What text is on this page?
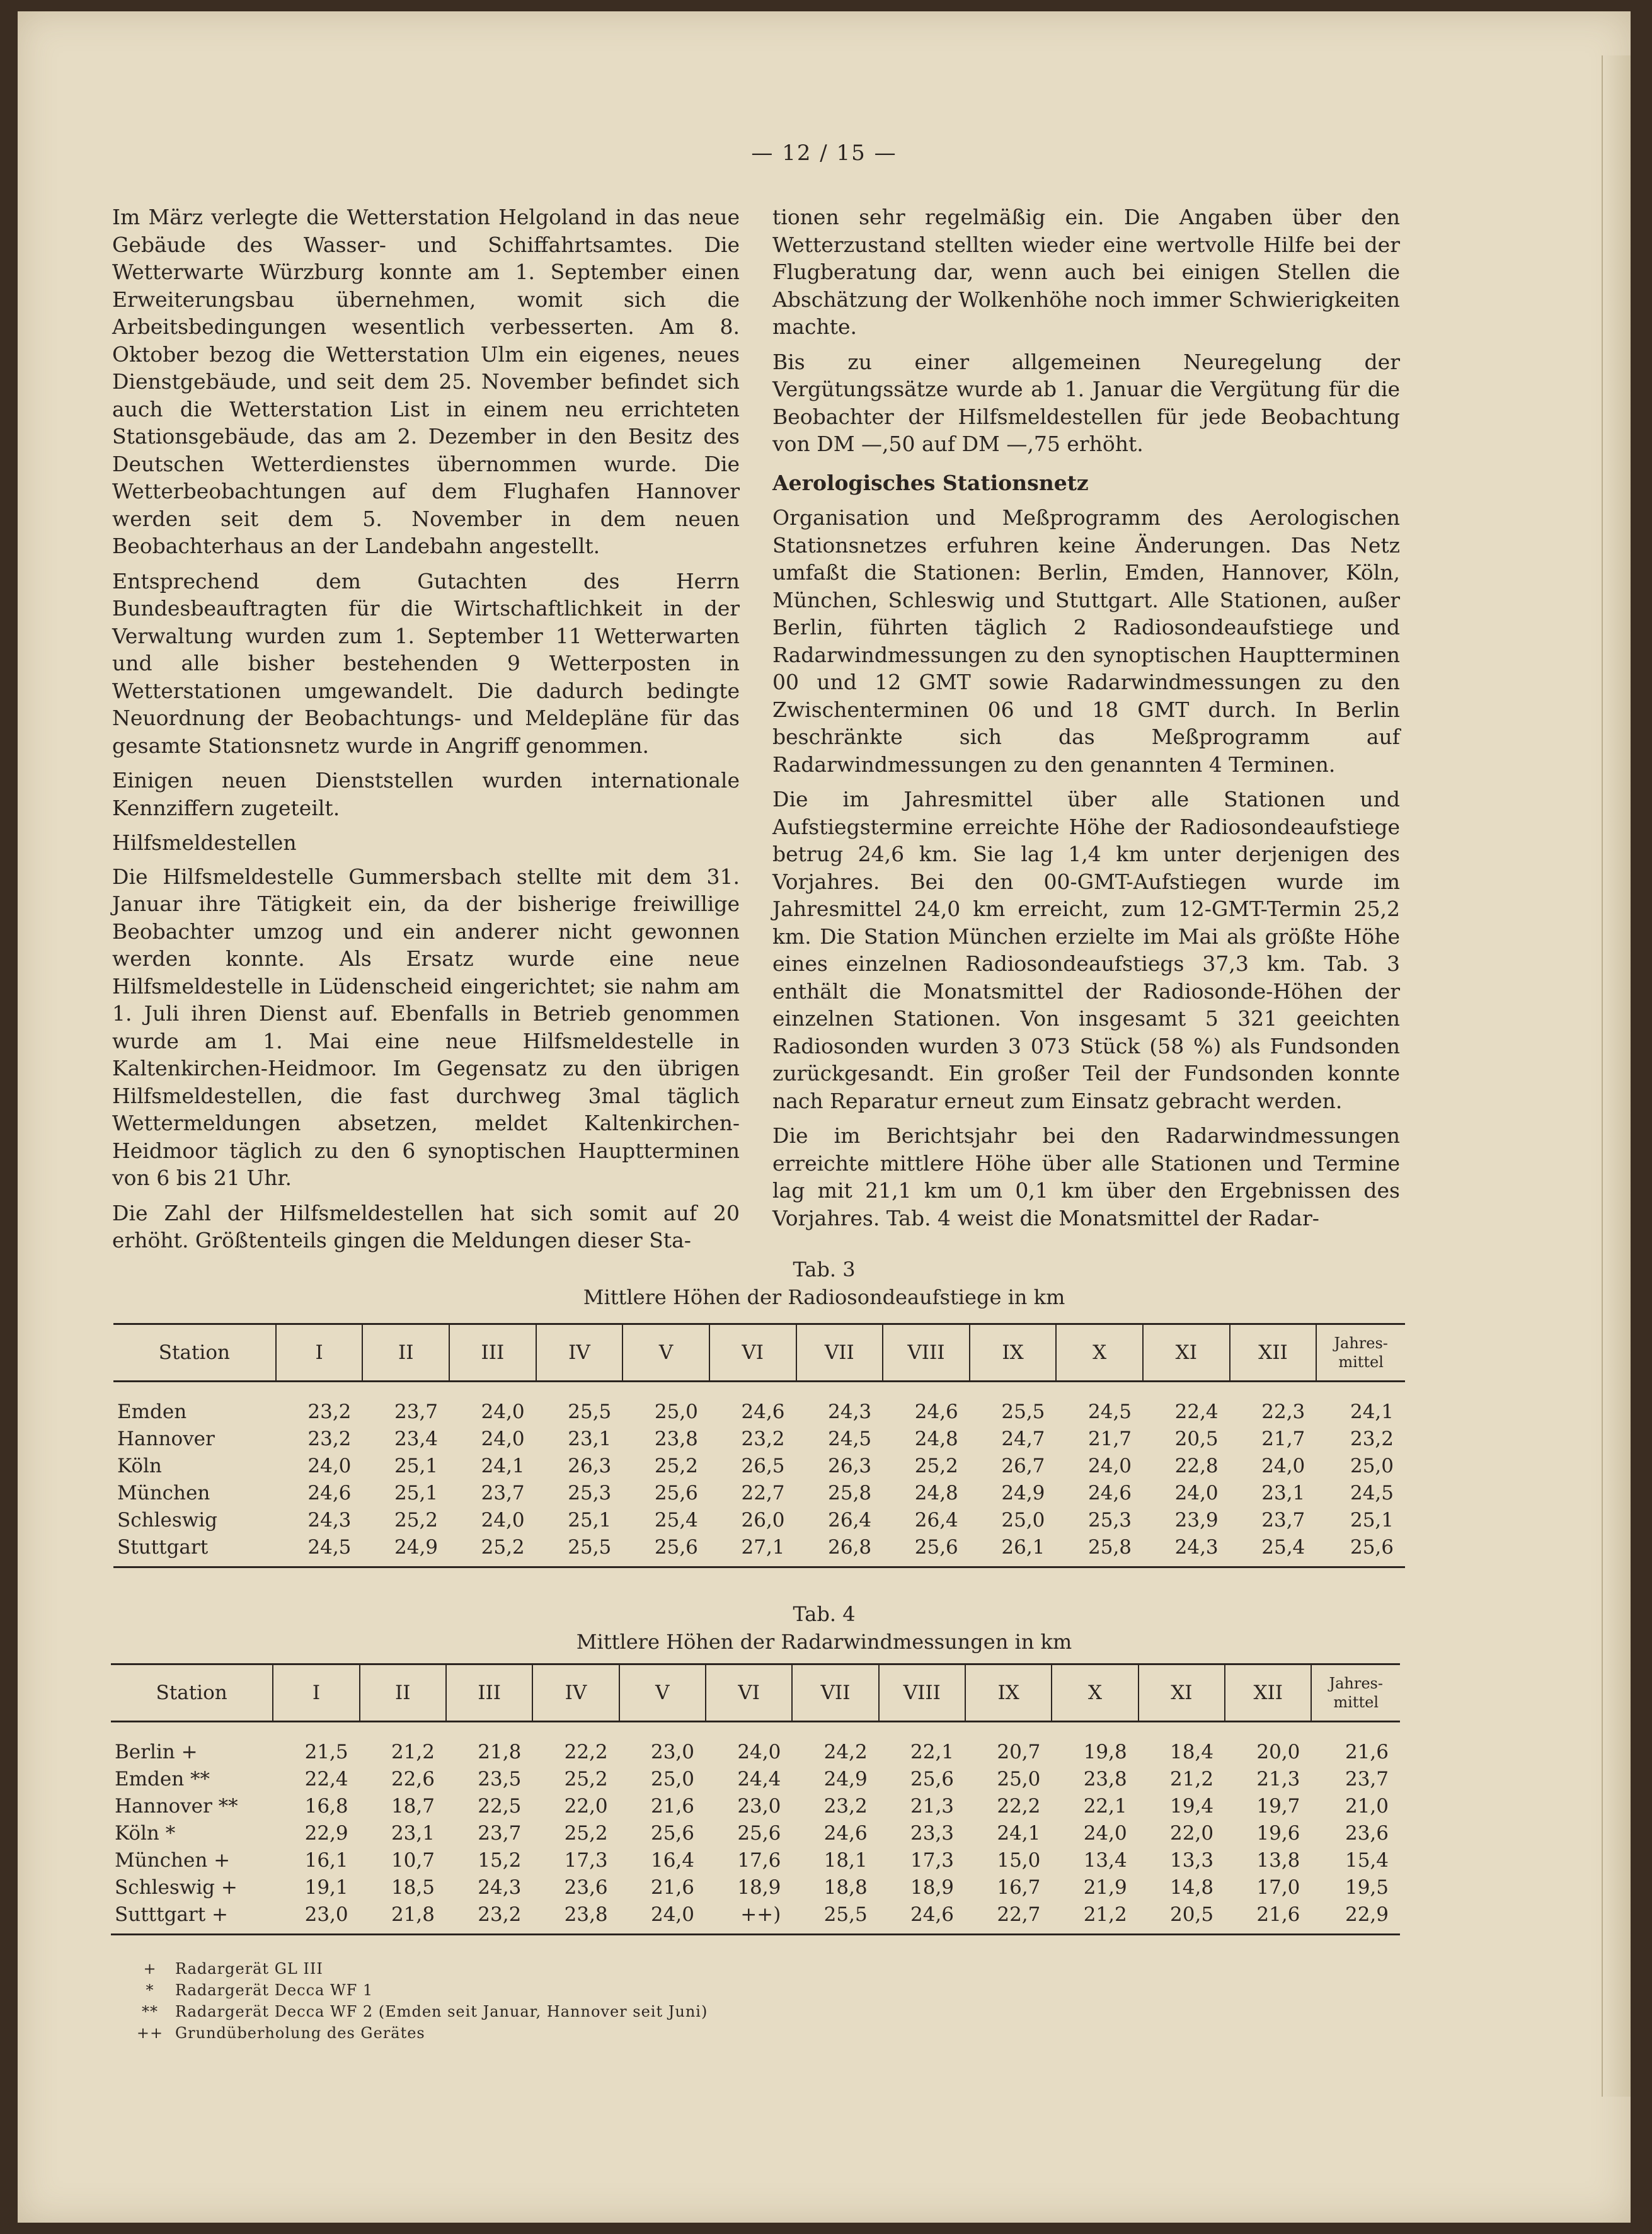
— 12 / 15 —

Im März verlegte die Wetterstation Helgoland in das neue Gebäude des Wasser- und Schiffahrtsamtes. Die Wetterwarte Würzburg konnte am 1. September einen Erweiterungsbau übernehmen, womit sich die Arbeitsbedingungen wesentlich verbesserten. Am 8. Oktober bezog die Wetterstation Ulm ein eigenes, neues Dienstgebäude, und seit dem 25. November befindet sich auch die Wetterstation List in einem neu errichteten Stationsgebäude, das am 2. Dezember in den Besitz des Deutschen Wetterdienstes übernommen wurde. Die Wetterbeobachtungen auf dem Flughafen Hannover werden seit dem 5. November in dem neuen Beobachterhaus an der Landebahn angestellt.

Entsprechend dem Gutachten des Herrn Bundesbeauftragten für die Wirtschaftlichkeit in der Verwaltung wurden zum 1. September 11 Wetterwarten und alle bisher bestehenden 9 Wetterposten in Wetterstationen umgewandelt. Die dadurch bedingte Neuordnung der Beobachtungs- und Meldepläne für das gesamte Stationsnetz wurde in Angriff genommen.

Einigen neuen Dienststellen wurden internationale Kennziffern zugeteilt.

Hilfsmeldestellen

Die Hilfsmeldestelle Gummersbach stellte mit dem 31. Januar ihre Tätigkeit ein, da der bisherige freiwillige Beobachter umzog und ein anderer nicht gewonnen werden konnte. Als Ersatz wurde eine neue Hilfsmeldestelle in Lüdenscheid eingerichtet; sie nahm am 1. Juli ihren Dienst auf. Ebenfalls in Betrieb genommen wurde am 1. Mai eine neue Hilfsmeldestelle in Kaltenkirchen-Heidmoor. Im Gegensatz zu den übrigen Hilfsmeldestellen, die fast durchweg 3mal täglich Wettermeldungen absetzen, meldet Kaltenkirchen-Heidmoor täglich zu den 6 synoptischen Hauptterminen von 6 bis 21 Uhr.

Die Zahl der Hilfsmeldestellen hat sich somit auf 20 erhöht. Größtenteils gingen die Meldungen dieser Sta-

tionen sehr regelmäßig ein. Die Angaben über den Wetterzustand stellten wieder eine wertvolle Hilfe bei der Flugberatung dar, wenn auch bei einigen Stellen die Abschätzung der Wolkenhöhe noch immer Schwierigkeiten machte.

Bis zu einer allgemeinen Neuregelung der Vergütungssätze wurde ab 1. Januar die Vergütung für die Beobachter der Hilfsmeldestellen für jede Beobachtung von DM —,50 auf DM —,75 erhöht.

Aerologisches Stationsnetz

Organisation und Meßprogramm des Aerologischen Stationsnetzes erfuhren keine Änderungen. Das Netz umfaßt die Stationen: Berlin, Emden, Hannover, Köln, München, Schleswig und Stuttgart. Alle Stationen, außer Berlin, führten täglich 2 Radiosondeaufstiege und Radarwindmessungen zu den synoptischen Hauptterminen 00 und 12 GMT sowie Radarwindmessungen zu den Zwischenterminen 06 und 18 GMT durch. In Berlin beschränkte sich das Meßprogramm auf Radarwindmessungen zu den genannten 4 Terminen.

Die im Jahresmittel über alle Stationen und Aufstiegstermine erreichte Höhe der Radiosondeaufstiege betrug 24,6 km. Sie lag 1,4 km unter derjenigen des Vorjahres. Bei den 00-GMT-Aufstiegen wurde im Jahresmittel 24,0 km erreicht, zum 12-GMT-Termin 25,2 km. Die Station München erzielte im Mai als größte Höhe eines einzelnen Radiosondeaufstiegs 37,3 km. Tab. 3 enthält die Monatsmittel der Radiosonde-Höhen der einzelnen Stationen. Von insgesamt 5 321 geeichten Radiosonden wurden 3 073 Stück (58 %) als Fundsonden zurückgesandt. Ein großer Teil der Fundsonden konnte nach Reparatur erneut zum Einsatz gebracht werden.

Die im Berichtsjahr bei den Radarwindmessungen erreichte mittlere Höhe über alle Stationen und Termine lag mit 21,1 km um 0,1 km über den Ergebnissen des Vorjahres. Tab. 4 weist die Monatsmittel der Radar-

Tab. 3
Mittlere Höhen der Radiosondeaufstiege in km
Station	I	II	III	IV	V	VI	VII	VIII	IX	X	XI	XII	Jahres-
mittel
Emden	23,2	23,7	24,0	25,5	25,0	24,6	24,3	24,6	25,5	24,5	22,4	22,3	24,1
Hannover	23,2	23,4	24,0	23,1	23,8	23,2	24,5	24,8	24,7	21,7	20,5	21,7	23,2
Köln	24,0	25,1	24,1	26,3	25,2	26,5	26,3	25,2	26,7	24,0	22,8	24,0	25,0
München	24,6	25,1	23,7	25,3	25,6	22,7	25,8	24,8	24,9	24,6	24,0	23,1	24,5
Schleswig	24,3	25,2	24,0	25,1	25,4	26,0	26,4	26,4	25,0	25,3	23,9	23,7	25,1
Stuttgart	24,5	24,9	25,2	25,5	25,6	27,1	26,8	25,6	26,1	25,8	24,3	25,4	25,6
Tab. 4
Mittlere Höhen der Radarwindmessungen in km
Station	I	II	III	IV	V	VI	VII	VIII	IX	X	XI	XII	Jahres-
mittel
Berlin +	21,5	21,2	21,8	22,2	23,0	24,0	24,2	22,1	20,7	19,8	18,4	20,0	21,6
Emden **	22,4	22,6	23,5	25,2	25,0	24,4	24,9	25,6	25,0	23,8	21,2	21,3	23,7
Hannover **	16,8	18,7	22,5	22,0	21,6	23,0	23,2	21,3	22,2	22,1	19,4	19,7	21,0
Köln *	22,9	23,1	23,7	25,2	25,6	25,6	24,6	23,3	24,1	24,0	22,0	19,6	23,6
München +	16,1	10,7	15,2	17,3	16,4	17,6	18,1	17,3	15,0	13,4	13,3	13,8	15,4
Schleswig +	19,1	18,5	24,3	23,6	21,6	18,9	18,8	18,9	16,7	21,9	14,8	17,0	19,5
Sutttgart +	23,0	21,8	23,2	23,8	24,0	++)	25,5	24,6	22,7	21,2	20,5	21,6	22,9
+	Radargerät GL III
*	Radargerät Decca WF 1
**	Radargerät Decca WF 2 (Emden seit Januar, Hannover seit Juni)
++ Grundüberholung des Gerätes
